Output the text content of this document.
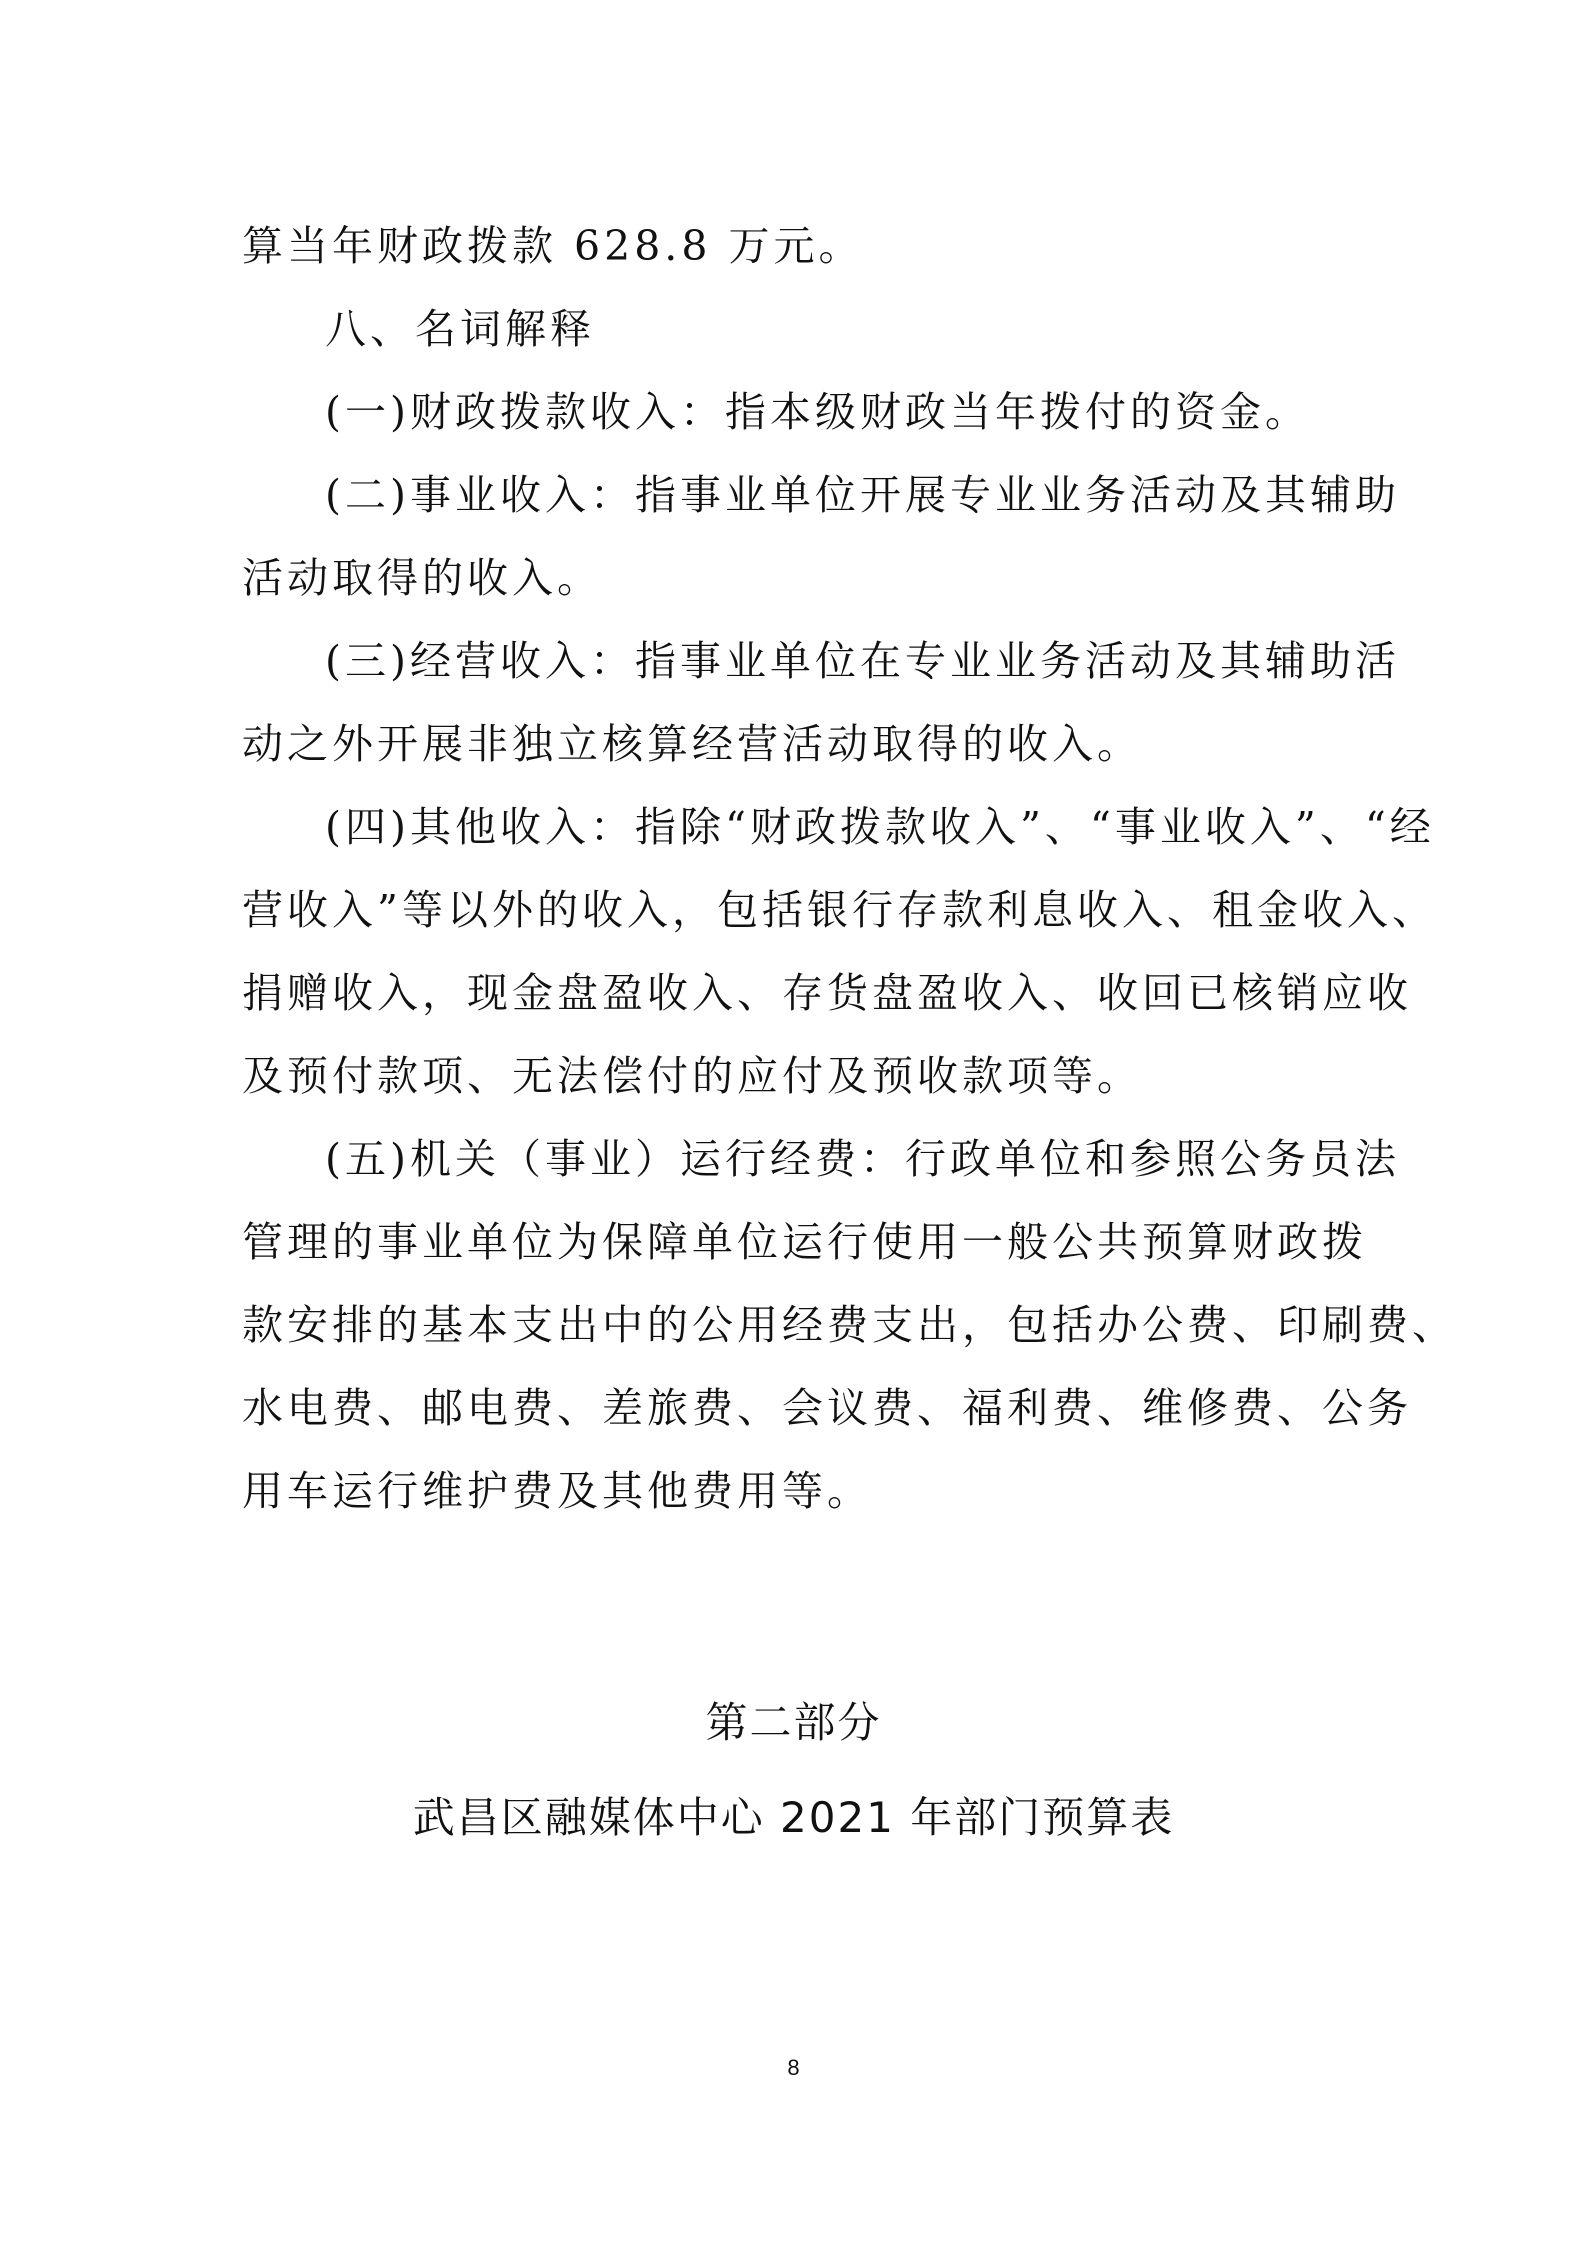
算当年财政拨款 628.8 万元。
八、名词解释
(一)财政拨款收入：指本级财政当年拨付的资金。
(二)事业收入：指事业单位开展专业业务活动及其辅助
活动取得的收入。
(三)经营收入：指事业单位在专业业务活动及其辅助活
动之外开展非独立核算经营活动取得的收入。
(四)其他收入：指除“财政拨款收入”、“事业收入”、“经
营收入”等以外的收入，包括银行存款利息收入、租金收入、
捐赠收入，现金盘盈收入、存货盘盈收入、收回已核销应收
及预付款项、无法偿付的应付及预收款项等。
(五)机关（事业）运行经费：行政单位和参照公务员法
管理的事业单位为保障单位运行使用一般公共预算财政拨
款安排的基本支出中的公用经费支出，包括办公费、印刷费、
水电费、邮电费、差旅费、会议费、福利费、维修费、公务
用车运行维护费及其他费用等。
第二部分
武昌区融媒体中心 2021 年部门预算表
8
